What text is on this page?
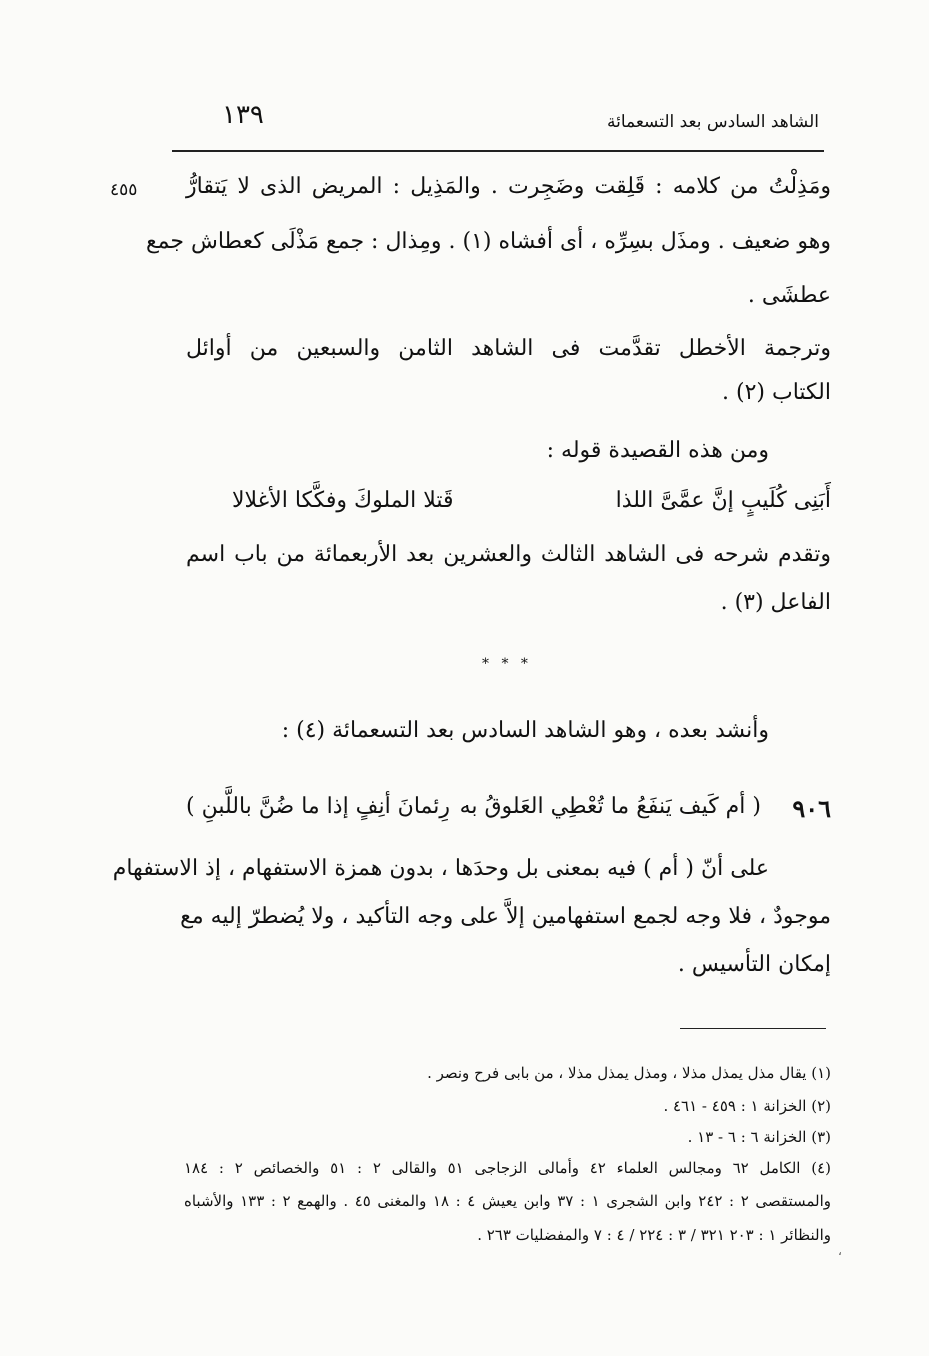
الشاهد السادس بعد التسعمائة
١٣٩
٤٥٥ ومَذِلْتُ من كلامه : قَلِقت وضَجِرت . والمَذِيل : المريض الذى لا يَتقارُّ
وهو ضعيف . ومذَل بسِرِّه ، أى أفشاه (١) . ومِذال : جمع مَذْلَى كعطاش جمع
عطشَى .
وترجمة الأخطل تقدَّمت فى الشاهد الثامن والسبعين من أوائل
الكتاب (٢) .
ومن هذه القصيدة قوله :
أَبَنِى كُلَيبٍ إنَّ عمَّىَّ اللذا
قَتلا الملوكَ وفكَّكا الأغلالا
وتقدم شرحه فى الشاهد الثالث والعشرين بعد الأربعمائة من باب اسم
الفاعل (٣) .
* * *
وأنشد بعده ، وهو الشاهد السادس بعد التسعمائة (٤) :
٩٠٦
( أم كَيف يَنفَعُ ما تُعْطِي العَلوقُ به
رِئمانَ أنِفٍ إذا ما ضُنَّ باللَّبنِ )
على أنّ ( أم ) فيه بمعنى بل وحدَها ، بدون همزة الاستفهام ، إذ الاستفهام
موجودٌ ، فلا وجه لجمع استفهامين إلاَّ على وجه التأكيد ، ولا يُضطرّ إليه مع
إمكان التأسيس .
(١) يقال مذل يمذل مذلا ، ومذل يمذل مذلا ، من بابى فرح ونصر .
(٢) الخزانة ١ : ٤٥٩ - ٤٦١ .
(٣) الخزانة ٦ : ٦ - ١٣ .
(٤) الكامل ٦٢ ومجالس العلماء ٤٢ وأمالى الزجاجى ٥١ والقالى ٢ : ٥١ والخصائص ٢ : ١٨٤
والمستقصى ٢ : ٢٤٢ وابن الشجرى ١ : ٣٧ وابن يعيش ٤ : ١٨ والمغنى ٤٥ . والهمع ٢ : ١٣٣ والأشباه
والنظائر ١ : ٢٠٣ ٣٢١ / ٣ : ٢٢٤ / ٤ : ٧ والمفضليات ٢٦٣ .
،
